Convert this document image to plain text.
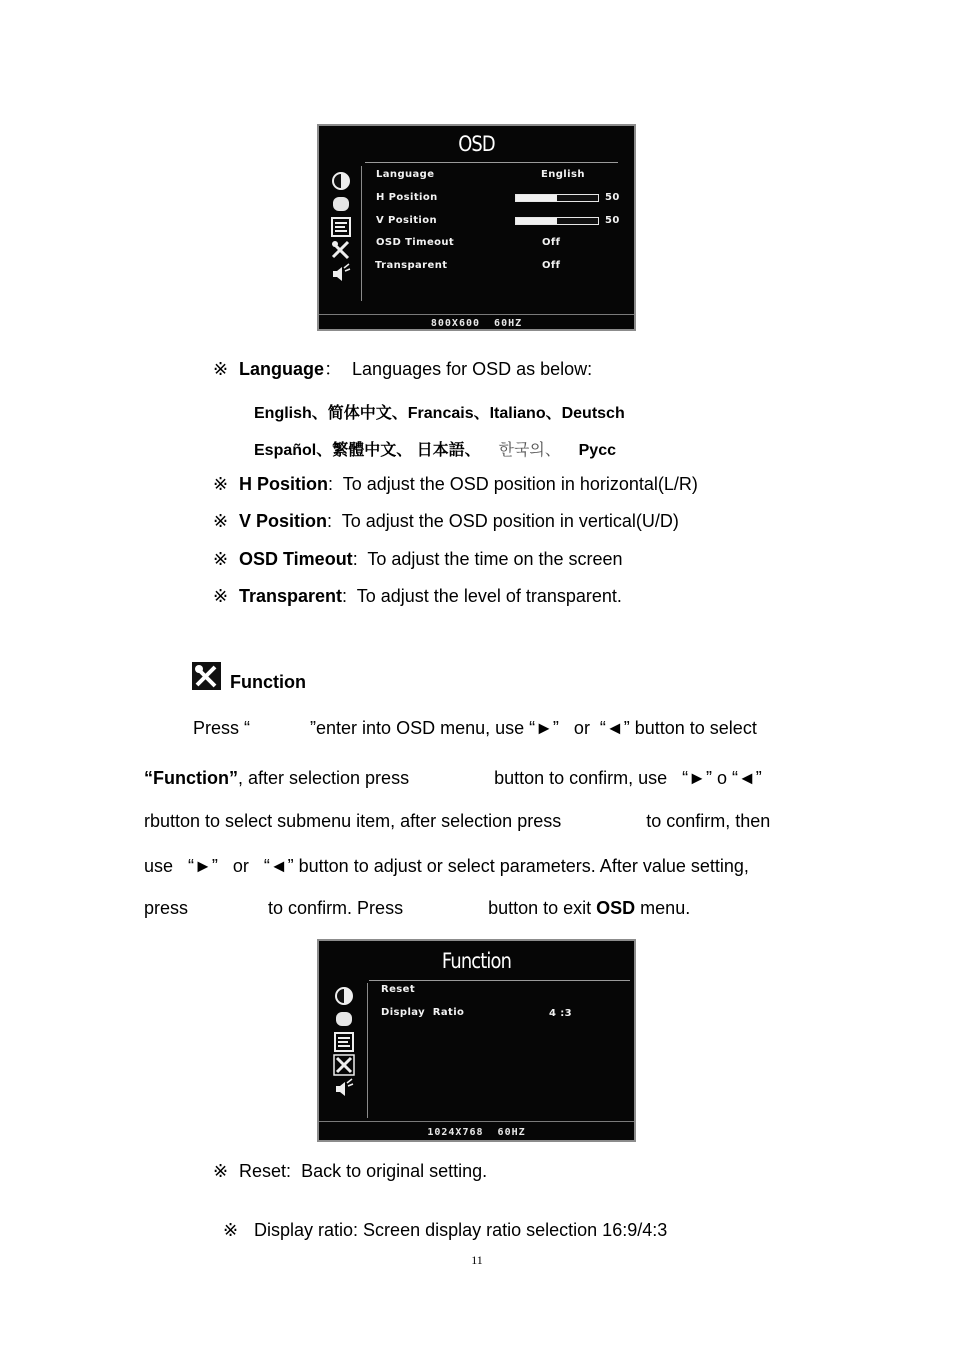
OSD
Language	English
H Position	50
V Position	50
OSD Timeout	Off
Transparent	Off
800X600  60HZ
※ Language： Languages for OSD as below:
English、简体中文、Francais、Italiano、Deutsch
Español、繁體中文、 日本語、 한국의、 Pycc
※ H Position: To adjust the OSD position in horizontal(L/R)
※ V Position: To adjust the OSD position in vertical(U/D)
※ OSD Timeout: To adjust the time on the screen
※ Transparent: To adjust the level of transparent.
Function
Press “            ”enter into OSD menu, use “►”   or  “◄” button to select
“Function”, after selection press                 button to confirm, use   “►” o “◄”
rbutton to select submenu item, after selection press                 to confirm, then
use   “►”   or   “◄” button to adjust or select parameters. After value setting,
press                to confirm. Press                 button to exit OSD menu.
Function
Reset
Display  Ratio	4 :3
1024X768  60HZ
※ Reset: Back to original setting.

※ Display ratio: Screen display ratio selection 16:9/4:3

11
